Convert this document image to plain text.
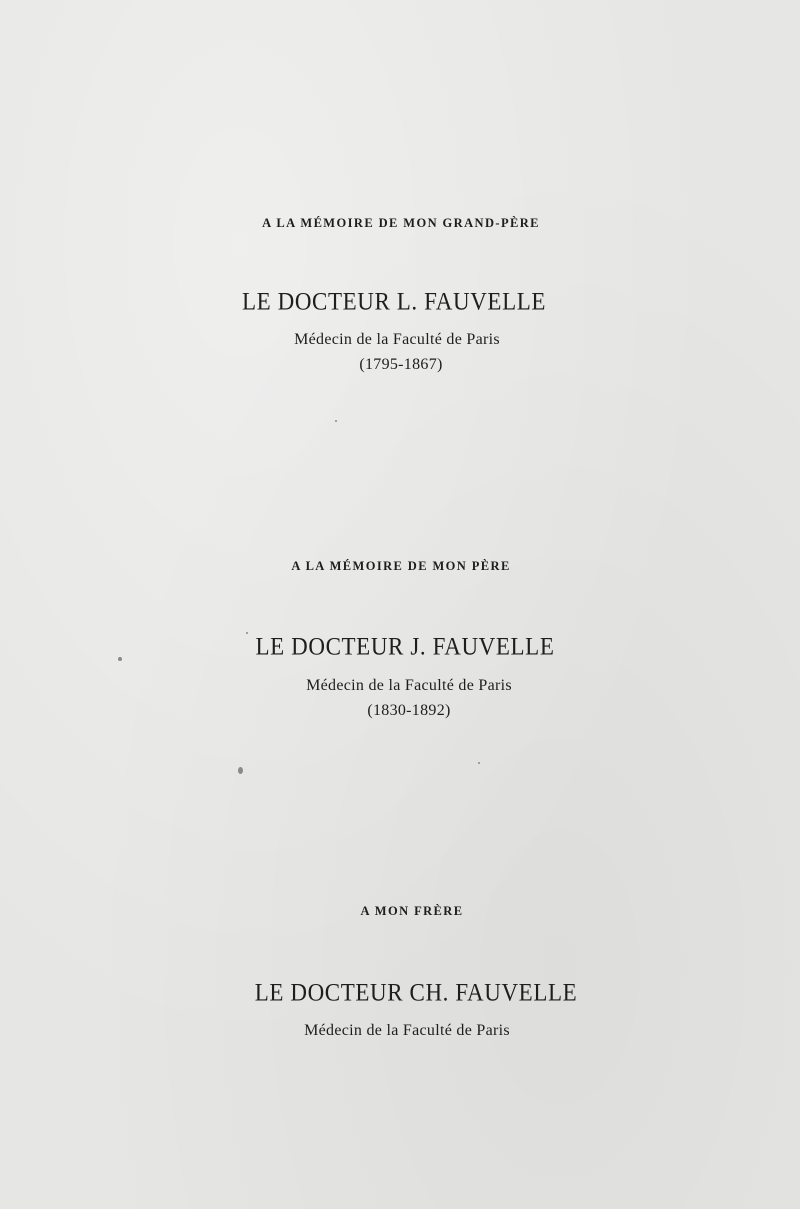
A LA MÉMOIRE DE MON GRAND-PÈRE
LE DOCTEUR L. FAUVELLE
Médecin de la Faculté de Paris
(1795-1867)
A LA MÉMOIRE DE MON PÈRE
LE DOCTEUR J. FAUVELLE
Médecin de la Faculté de Paris
(1830-1892)
A MON FRÈRE
LE DOCTEUR CH. FAUVELLE
Médecin de la Faculté de Paris
